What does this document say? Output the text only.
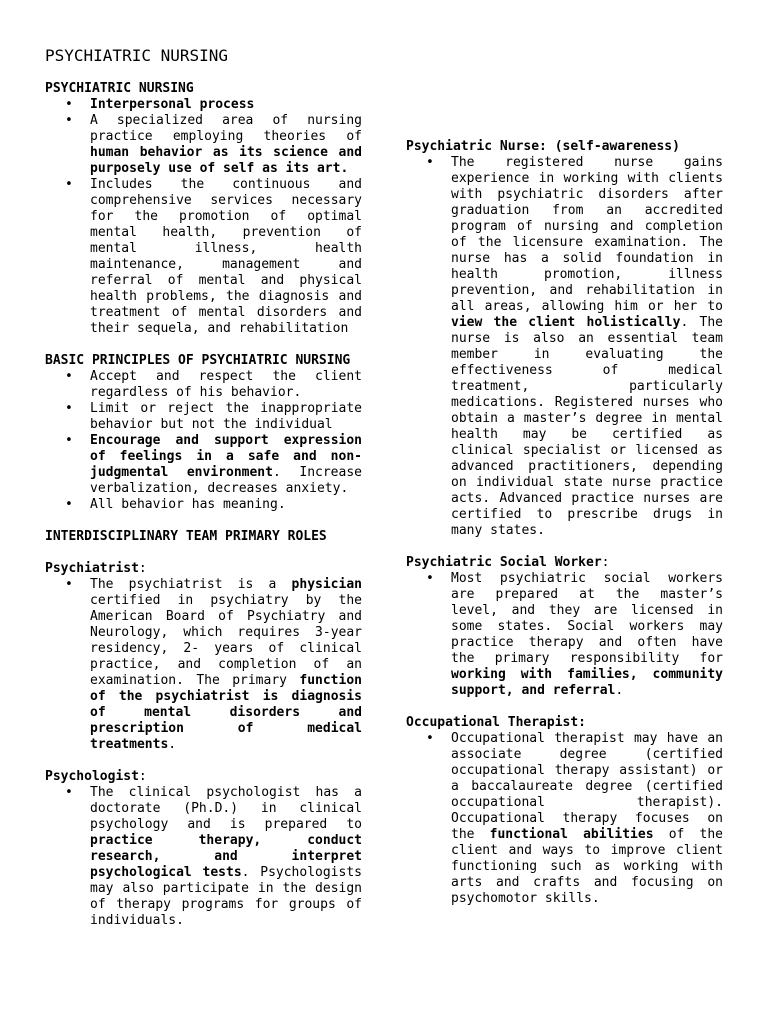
PSYCHIATRIC NURSING

PSYCHIATRIC NURSING

• Interpersonal process
• A specialized area of nursing practice employing theories of human behavior as its science and purposely use of self as its art.
• Includes the continuous and comprehensive services necessary for the promotion of optimal mental health, prevention of mental illness, health maintenance, management and referral of mental and physical health problems, the diagnosis and treatment of mental disorders and their sequela, and rehabilitation

BASIC PRINCIPLES OF PSYCHIATRIC NURSING

• Accept and respect the client regardless of his behavior.
• Limit or reject the inappropriate behavior but not the individual
• Encourage and support expression of feelings in a safe and non-judgmental environment. Increase verbalization, decreases anxiety.
• All behavior has meaning.

INTERDISCIPLINARY TEAM PRIMARY ROLES

Psychiatrist:

• The psychiatrist is a physician certified in psychiatry by the American Board of Psychiatry and Neurology, which requires 3-year residency, 2- years of clinical practice, and completion of an examination. The primary function of the psychiatrist is diagnosis of mental disorders and prescription of medical treatments.

Psychologist:

• The clinical psychologist has a doctorate (Ph.D.) in clinical psychology and is prepared to practice therapy, conduct research, and interpret psychological tests. Psychologists may also participate in the design of therapy programs for groups of individuals.

Psychiatric Nurse: (self-awareness)

• The registered nurse gains experience in working with clients with psychiatric disorders after graduation from an accredited program of nursing and completion of the licensure examination. The nurse has a solid foundation in health promotion, illness prevention, and rehabilitation in all areas, allowing him or her to view the client holistically. The nurse is also an essential team member in evaluating the effectiveness of medical treatment, particularly medications. Registered nurses who obtain a master’s degree in mental health may be certified as clinical specialist or licensed as advanced practitioners, depending on individual state nurse practice acts. Advanced practice nurses are certified to prescribe drugs in many states.

Psychiatric Social Worker:

• Most psychiatric social workers are prepared at the master’s level, and they are licensed in some states. Social workers may practice therapy and often have the primary responsibility for working with families, community support, and referral.

Occupational Therapist:

• Occupational therapist may have an associate degree (certified occupational therapy assistant) or a baccalaureate degree (certified occupational therapist). Occupational therapy focuses on the functional abilities of the client and ways to improve client functioning such as working with arts and crafts and focusing on psychomotor skills.
